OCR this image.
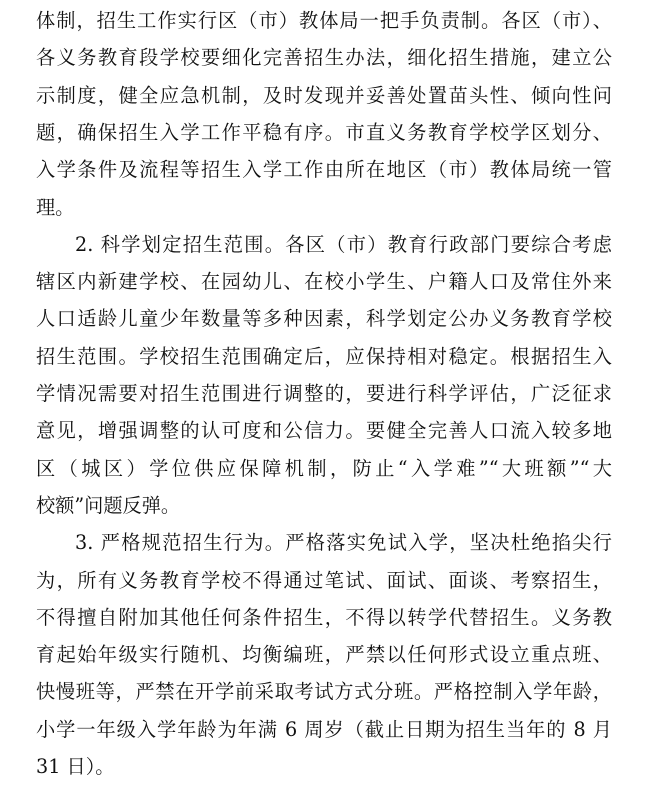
体制，招生工作实行区（市）教体局一把手负责制。各区（市）、
各义务教育段学校要细化完善招生办法，细化招生措施，建立公
示制度，健全应急机制，及时发现并妥善处置苗头性、倾向性问
题，确保招生入学工作平稳有序。市直义务教育学校学区划分、
入学条件及流程等招生入学工作由所在地区（市）教体局统一管
理。
2. 科学划定招生范围。各区（市）教育行政部门要综合考虑
辖区内新建学校、在园幼儿、在校小学生、户籍人口及常住外来
人口适龄儿童少年数量等多种因素，科学划定公办义务教育学校
招生范围。学校招生范围确定后，应保持相对稳定。根据招生入
学情况需要对招生范围进行调整的，要进行科学评估，广泛征求
意见，增强调整的认可度和公信力。要健全完善人口流入较多地
区（城区）学位供应保障机制，防止“入学难”“大班额”“大
校额”问题反弹。
3. 严格规范招生行为。严格落实免试入学，坚决杜绝掐尖行
为，所有义务教育学校不得通过笔试、面试、面谈、考察招生，
不得擅自附加其他任何条件招生，不得以转学代替招生。义务教
育起始年级实行随机、均衡编班，严禁以任何形式设立重点班、
快慢班等，严禁在开学前采取考试方式分班。严格控制入学年龄，
小学一年级入学年龄为年满 6 周岁（截止日期为招生当年的 8 月
31 日）。
